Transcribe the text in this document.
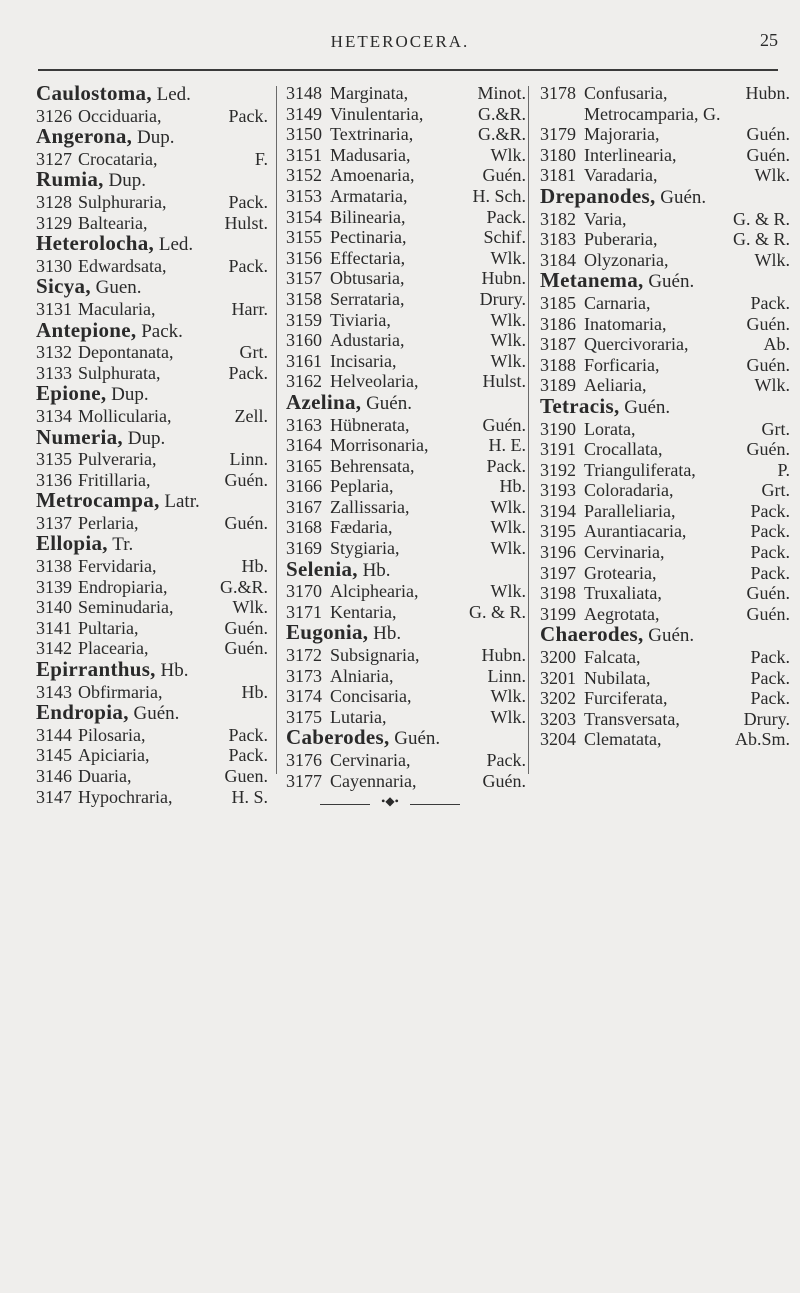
HETEROCERA.	25
Caulostoma, Led.
3126 Occiduaria,	Pack.
Angerona, Dup.
3127 Crocataria,	F.
Rumia, Dup.
3128 Sulphuraria,	Pack.
3129 Baltearia,	Hulst.
Heterolocha, Led.
3130 Edwardsata,	Pack.
Sicya, Guen.
3131 Macularia,	Harr.
Antepione, Pack.
3132 Depontanata,	Grt.
3133 Sulphurata,	Pack.
Epione, Dup.
3134 Mollicularia,	Zell.
Numeria, Dup.
3135 Pulveraria,	Linn.
3136 Fritillaria,	Guén.
Metrocampa, Latr.
3137 Perlaria,	Guén.
Ellopia, Tr.
3138 Fervidaria,	Hb.
3139 Endropiaria,	G.&R.
3140 Seminudaria,	Wlk.
3141 Pultaria,	Guén.
3142 Placearia,	Guén.
Epirranthus, Hb.
3143 Obfirmaria,	Hb.
Endropia, Guén.
3144 Pilosaria,	Pack.
3145 Apiciaria,	Pack.
3146 Duaria,	Guen.
3147 Hypochraria,	H. S.
3148 Marginata,	Minot.
3149 Vinulentaria,	G.&R.
3150 Textrinaria,	G.&R.
3151 Madusaria,	Wlk.
3152 Amoenaria,	Guén.
3153 Armataria,	H. Sch.
3154 Bilinearia,	Pack.
3155 Pectinaria,	Schif.
3156 Effectaria,	Wlk.
3157 Obtusaria,	Hubn.
3158 Serrataria,	Drury.
3159 Tiviaria,	Wlk.
3160 Adustaria,	Wlk.
3161 Incisaria,	Wlk.
3162 Helveolaria,	Hulst.
Azelina, Guén.
3163 Hübnerata,	Guén.
3164 Morrisonaria,	H. E.
3165 Behrensata,	Pack.
3166 Peplaria,	Hb.
3167 Zallissaria,	Wlk.
3168 Fædaria,	Wlk.
3169 Stygiaria,	Wlk.
Selenia, Hb.
3170 Alciphearia,	Wlk.
3171 Kentaria,	G. & R.
Eugonia, Hb.
3172 Subsignaria,	Hubn.
3173 Alniaria,	Linn.
3174 Concisaria,	Wlk.
3175 Lutaria,	Wlk.
Caberodes, Guén.
3176 Cervinaria,	Pack.
3177 Cayennaria,	Guén.
3178 Confusaria,	Hubn.
Metrocamparia, G.
3179 Majoraria,	Guén.
3180 Interlinearia,	Guén.
3181 Varadaria,	Wlk.
Drepanodes, Guén.
3182 Varia,	G. & R.
3183 Puberaria,	G. & R.
3184 Olyzonaria,	Wlk.
Metanema, Guén.
3185 Carnaria,	Pack.
3186 Inatomaria,	Guén.
3187 Quercivoraria,	Ab.
3188 Forficaria,	Guén.
3189 Aeliaria,	Wlk.
Tetracis, Guén.
3190 Lorata,	Grt.
3191 Crocallata,	Guén.
3192 Trianguliferata,	P.
3193 Coloradaria,	Grt.
3194 Paralleliaria,	Pack.
3195 Aurantiacaria,	Pack.
3196 Cervinaria,	Pack.
3197 Grotearia,	Pack.
3198 Truxaliata,	Guén.
3199 Aegrotata,	Guén.
Chaerodes, Guén.
3200 Falcata,	Pack.
3201 Nubilata,	Pack.
3202 Furciferata,	Pack.
3203 Transversata,	Drury.
3204 Clematata,	Ab.Sm.
•◆•
